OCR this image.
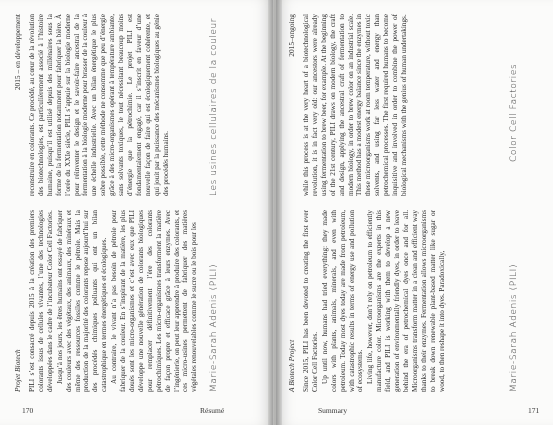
Projet Biotech
2015 – en développement

PILI s’est consacré depuis 2015 à la création des premiers colorants issus de cellules vivantes, l’une des technologies développées dans le cadre de l’incubateur Color Cell Factories. Jusqu’à nos jours, les êtres humains ont essayé de fabriquer des couleurs avec des végétaux, des animaux, des minéraux et même des ressources fossiles comme le pétrole. Mais la production de la majorité des colorants repose aujourd’hui sur des procédés chimiques polluants qui ont un bilan catastrophique en termes énergétiques et écologiques. Au contraire, le vivant n’a pas besoin de pétrole pour fabriquer de la couleur. En s’inspirant de la matière, les plus doués sont les micro-organismes et c’est avec eux que PILI développe une nouvelle génération de colorants biologiques pour remplacer définitivement l’ère des colorants pétrochimiques. Les micro-organismes transforment la matière de façon propre et efficace grâce à leurs enzymes. Avec l’ingénierie, on peut leur apprendre à produire des colorants, et ces micro-usines permettent de fabriquer des matières végétales renouvelables comme le sucre ou le bois pour les

reconstruire en colorants. Ce procédé, au cœur de la révolution des biotechnologies, est particulièrement associé à l’histoire humaine, puisqu’il est utilisé depuis des millénaires sous la forme de la fermentation notamment pour fabriquer la bière. À l’orée du XXIe siècle, PILI s’appuie sur la biologie moderne pour réinventer le design et le savoir-faire ancestral de la fermentation à la biologie moderne pour brasser de la couleur à une échelle industrielle. Avec un bilan énergétique le plus sobre possible, cette méthode ne consomme que peu d’énergie grâce à des micro-organismes opérant à température ambiante, sans solvants toxiques, le tout nécessitant beaucoup moins d’énergie que la pétrochimie. Le projet PILI est fondamentalement engagé, car il s’inscrit en faveur d’une nouvelle façon de faire qui est écologiquement cohérente, et qui jouit par la puissance des mécanismes biologiques au génie des procédés humains.

Marie-Sarah Adenis (PILI)
Les usines cellulaires de la couleur
170	Résumé
A Biotech Project
2015–ongoing

Since 2015, PILI has been devoted to creating the first ever Color Cell Factories. Up until now, humans had tried everything: they made colors with plants, animals, minerals, and even with petroleum. Today most dyes today are made from petroleum, with catastrophic results in terms of energy use and pollution of ecosystems. Living life, however, don’t rely on petroleum to efficiently manufacture color. Microorganisms are the experts in this field, and PILI is working with them to develop a new generation of environmentally friendly dyes, in order to leave behind the era of petrochemical dyes once and for all. Microorganisms transform matter in a clean and efficient way thanks to their enzymes. Fermentation allows microorganisms to break down renewable plant-based matter like sugar or wood, to then reshape it into dyes. Paradoxically,

while this process is at the very heart of a biotechnological revolution, it is in fact very old: our ancestors were already using fermentation to brew beer, for example. At the beginning of the 21st century, PILI draws on modern biology, the craft and design, applying the ancestral craft of fermentation to modern biology, in order to brew color on an industrial scale. This method has a modest energy balance since the enzymes in these microorganisms work at room temperature, without toxic solvents, and using far less water and energy than petrochemical processes. The first required humans to become inquisitive and involved in order to combine the power of biological mechanisms with the genius of human undertakings.

Marie-Sarah Adenis (PILI)
Color Cell Factories
Summary	171
